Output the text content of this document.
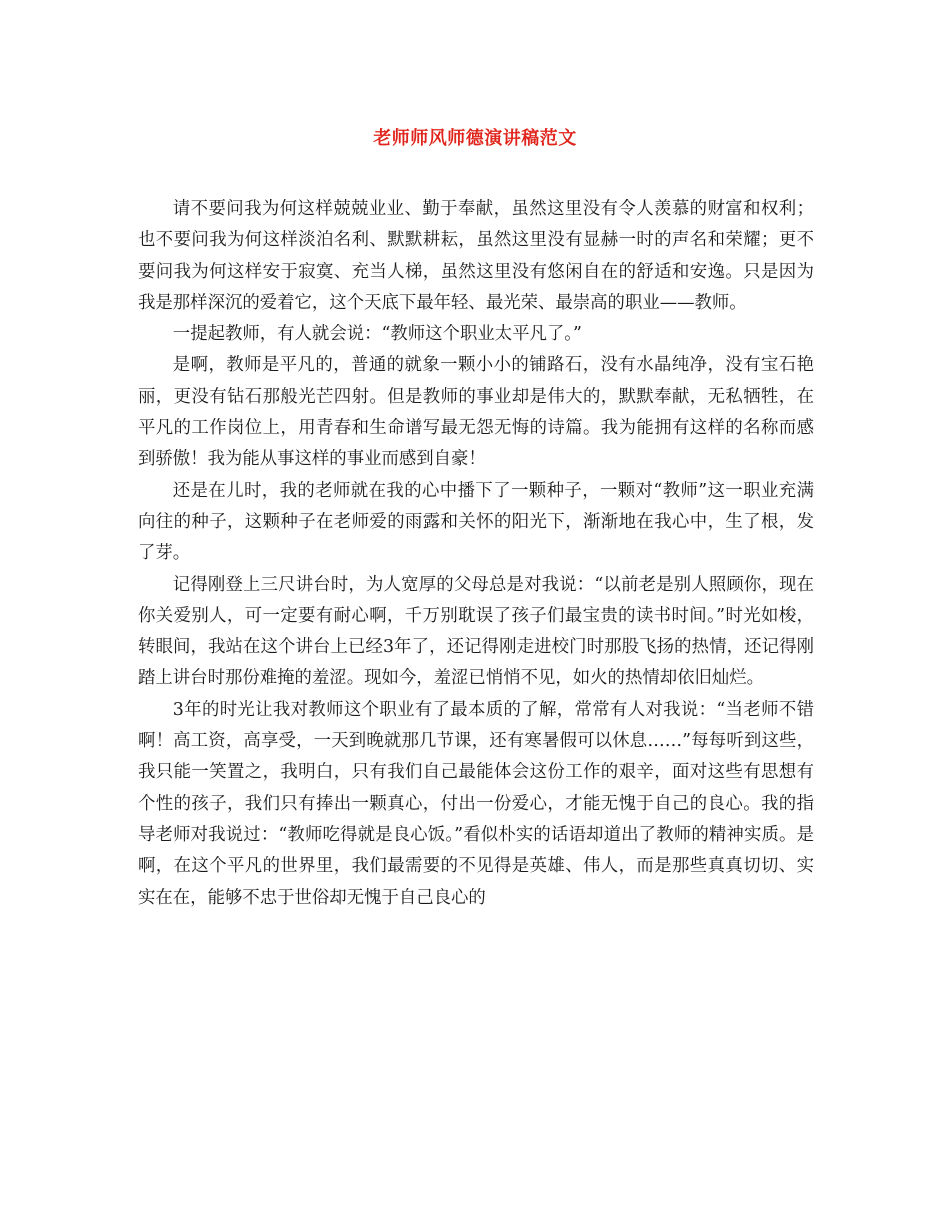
老师师风师德演讲稿范文

请不要问我为何这样兢兢业业、勤于奉献，虽然这里没有令人羡慕的财富和权利；也不要问我为何这样淡泊名利、默默耕耘，虽然这里没有显赫一时的声名和荣耀；更不要问我为何这样安于寂寞、充当人梯，虽然这里没有悠闲自在的舒适和安逸。只是因为我是那样深沉的爱着它，这个天底下最年轻、最光荣、最崇高的职业——教师。

一提起教师，有人就会说：“教师这个职业太平凡了。”

是啊，教师是平凡的，普通的就象一颗小小的铺路石，没有水晶纯净，没有宝石艳丽，更没有钻石那般光芒四射。但是教师的事业却是伟大的，默默奉献，无私牺牲，在平凡的工作岗位上，用青春和生命谱写最无怨无悔的诗篇。我为能拥有这样的名称而感到骄傲！我为能从事这样的事业而感到自豪！

还是在儿时，我的老师就在我的心中播下了一颗种子，一颗对“教师”这一职业充满向往的种子，这颗种子在老师爱的雨露和关怀的阳光下，渐渐地在我心中，生了根，发了芽。

记得刚登上三尺讲台时，为人宽厚的父母总是对我说：“以前老是别人照顾你，现在你关爱别人，可一定要有耐心啊，千万别耽误了孩子们最宝贵的读书时间。”时光如梭，转眼间，我站在这个讲台上已经3年了，还记得刚走进校门时那股飞扬的热情，还记得刚踏上讲台时那份难掩的羞涩。现如今，羞涩已悄悄不见，如火的热情却依旧灿烂。

3年的时光让我对教师这个职业有了最本质的了解，常常有人对我说：“当老师不错啊！高工资，高享受，一天到晚就那几节课，还有寒暑假可以休息……”每每听到这些，我只能一笑置之，我明白，只有我们自己最能体会这份工作的艰辛，面对这些有思想有个性的孩子，我们只有捧出一颗真心，付出一份爱心，才能无愧于自己的良心。我的指导老师对我说过：“教师吃得就是良心饭。”看似朴实的话语却道出了教师的精神实质。是啊，在这个平凡的世界里，我们最需要的不见得是英雄、伟人，而是那些真真切切、实实在在，能够不忠于世俗却无愧于自己良心的
